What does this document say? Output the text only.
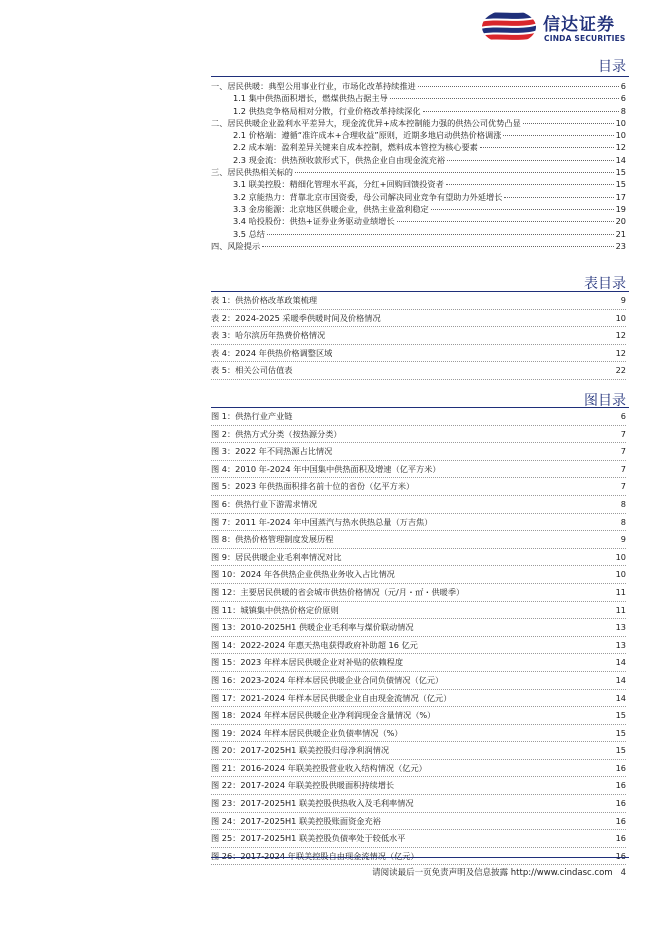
信达证券
CINDA SECURITIES
目录
一、居民供暖：典型公用事业行业，市场化改革持续推进	6
1.1 集中供热面积增长，燃煤供热占据主导	6
1.2 供热竞争格局相对分散，行业价格改革持续深化	8
二、居民供暖企业盈利水平差异大，现金流优异+成本控制能力强的供热公司优势凸显	10
2.1 价格端：遵循“准许成本+合理收益”原则，近期多地启动供热价格调涨	10
2.2 成本端：盈利差异关键来自成本控制，燃料成本管控为核心要素	12
2.3 现金流：供热预收款形式下，供热企业自由现金流充裕	14
三、居民供热相关标的	15
3.1 联美控股：精细化管理水平高，分红+回购回馈投资者	15
3.2 京能热力：背靠北京市国资委，母公司解决同业竞争有望助力外延增长	17
3.3 金房能源：北京地区供暖企业，供热主业盈利稳定	19
3.4 哈投股份：供热+证券业务驱动业绩增长	20
3.5 总结	21
四、风险提示	23
表目录
表 1：供热价格改革政策梳理	9
表 2：2024-2025 采暖季供暖时间及价格情况	10
表 3：哈尔滨历年热费价格情况	12
表 4：2024 年供热价格调整区域	12
表 5：相关公司估值表	22
图目录
图 1：供热行业产业链	6
图 2：供热方式分类（按热源分类）	7
图 3：2022 年不同热源占比情况	7
图 4：2010 年-2024 年中国集中供热面积及增速（亿平方米）	7
图 5：2023 年供热面积排名前十位的省份（亿平方米）	7
图 6：供热行业下游需求情况	8
图 7：2011 年-2024 年中国蒸汽与热水供热总量（万吉焦）	8
图 8：供热价格管理制度发展历程	9
图 9：居民供暖企业毛利率情况对比	10
图 10：2024 年各供热企业供热业务收入占比情况	10
图 12：主要居民供暖的省会城市供热价格情况（元/月・㎡・供暖季）	11
图 11：城镇集中供热价格定价原则	11
图 13：2010-2025H1 供暖企业毛利率与煤价联动情况	13
图 14：2022-2024 年惠天热电获得政府补助超 16 亿元	13
图 15：2023 年样本居民供暖企业对补贴的依赖程度	14
图 16：2023-2024 年样本居民供暖企业合同负债情况（亿元）	14
图 17：2021-2024 年样本居民供暖企业自由现金流情况（亿元）	14
图 18：2024 年样本居民供暖企业净利润现金含量情况（%）	15
图 19：2024 年样本居民供暖企业负债率情况（%）	15
图 20：2017-2025H1 联美控股归母净利润情况	15
图 21：2016-2024 年联美控股营业收入结构情况（亿元）	16
图 22：2017-2024 年联美控股供暖面积持续增长	16
图 23：2017-2025H1 联美控股供热收入及毛利率情况	16
图 24：2017-2025H1 联美控股账面资金充裕	16
图 25：2017-2025H1 联美控股负债率处于较低水平	16
图 26：2017-2024 年联美控股自由现金流情况（亿元）	16
请阅读最后一页免责声明及信息披露 http://www.cindasc.com 4
